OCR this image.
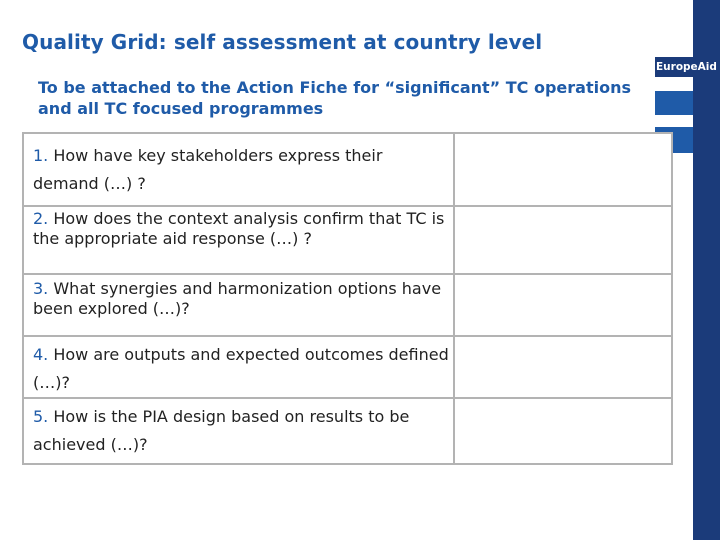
Quality Grid: self assessment at country level
To be attached to the Action Fiche for “significant” TC operations and all TC focused programmes
EuropeAid
1. How have key stakeholders express their demand (…) ?
2. How does the context analysis confirm that TC is the appropriate aid response (…) ?
3. What synergies and harmonization options have been explored (…)?
4. How are outputs and expected outcomes defined (…)?
5. How is the PIA design based on results to be achieved (…)?
